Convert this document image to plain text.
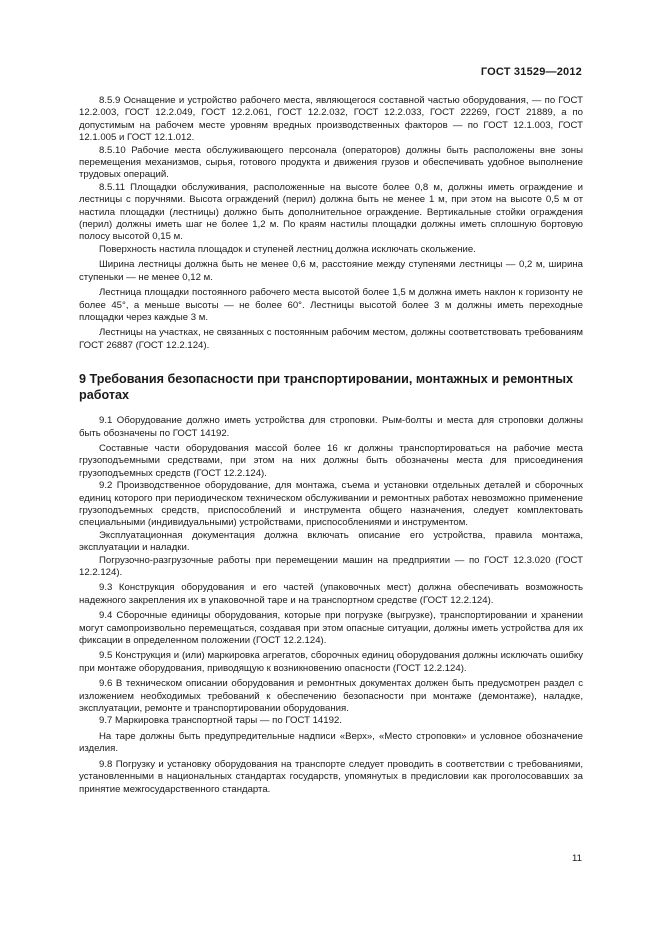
ГОСТ 31529—2012

8.5.9 Оснащение и устройство рабочего места, являющегося составной частью оборудования, — по ГОСТ 12.2.003, ГОСТ 12.2.049, ГОСТ 12.2.061, ГОСТ 12.2.032, ГОСТ 12.2.033, ГОСТ 22269, ГОСТ 21889, а по допустимым на рабочем месте уровням вредных производственных факторов — по ГОСТ 12.1.003, ГОСТ 12.1.005 и ГОСТ 12.1.012.

8.5.10 Рабочие места обслуживающего персонала (операторов) должны быть расположены вне зоны перемещения механизмов, сырья, готового продукта и движения грузов и обеспечивать удобное выполнение трудовых операций.

8.5.11 Площадки обслуживания, расположенные на высоте более 0,8 м, должны иметь ограждение и лестницы с поручнями. Высота ограждений (перил) должна быть не менее 1 м, при этом на высоте 0,5 м от настила площадки (лестницы) должно быть дополнительное ограждение. Вертикальные стойки ограждения (перил) должны иметь шаг не более 1,2 м. По краям настилы площадки должны иметь сплошную бортовую полосу высотой 0,15 м.

Поверхность настила площадок и ступеней лестниц должна исключать скольжение.

Ширина лестницы должна быть не менее 0,6 м, расстояние между ступенями лестницы — 0,2 м, ширина ступеньки — не менее 0,12 м.

Лестница площадки постоянного рабочего места высотой более 1,5 м должна иметь наклон к горизонту не более 45°, а меньше высоты — не более 60°. Лестницы высотой более 3 м должны иметь переходные площадки через каждые 3 м.

Лестницы на участках, не связанных с постоянным рабочим местом, должны соответствовать требованиям ГОСТ 26887 (ГОСТ 12.2.124).

9 Требования безопасности при транспортировании, монтажных и ремонтных работах

9.1 Оборудование должно иметь устройства для строповки. Рым-болты и места для строповки должны быть обозначены по ГОСТ 14192.

Составные части оборудования массой более 16 кг должны транспортироваться на рабочие места грузоподъемными средствами, при этом на них должны быть обозначены места для присоединения грузоподъемных средств (ГОСТ 12.2.124).

9.2 Производственное оборудование, для монтажа, съема и установки отдельных деталей и сборочных единиц которого при периодическом техническом обслуживании и ремонтных работах невозможно применение грузоподъемных средств, приспособлений и инструмента общего назначения, следует комплектовать специальными (индивидуальными) устройствами, приспособлениями и инструментом.

Эксплуатационная документация должна включать описание его устройства, правила монтажа, эксплуатации и наладки.

Погрузочно-разгрузочные работы при перемещении машин на предприятии — по ГОСТ 12.3.020 (ГОСТ 12.2.124).

9.3 Конструкция оборудования и его частей (упаковочных мест) должна обеспечивать возможность надежного закрепления их в упаковочной таре и на транспортном средстве (ГОСТ 12.2.124).

9.4 Сборочные единицы оборудования, которые при погрузке (выгрузке), транспортировании и хранении могут самопроизвольно перемещаться, создавая при этом опасные ситуации, должны иметь устройства для их фиксации в определенном положении (ГОСТ 12.2.124).

9.5 Конструкция и (или) маркировка агрегатов, сборочных единиц оборудования должны исключать ошибку при монтаже оборудования, приводящую к возникновению опасности (ГОСТ 12.2.124).

9.6 В техническом описании оборудования и ремонтных документах должен быть предусмотрен раздел с изложением необходимых требований к обеспечению безопасности при монтаже (демонтаже), наладке, эксплуатации, ремонте и транспортировании оборудования.

9.7 Маркировка транспортной тары — по ГОСТ 14192.

На таре должны быть предупредительные надписи «Верх», «Место строповки» и условное обозначение изделия.

9.8 Погрузку и установку оборудования на транспорте следует проводить в соответствии с требованиями, установленными в национальных стандартах государств, упомянутых в предисловии как проголосовавших за принятие межгосударственного стандарта.

11
